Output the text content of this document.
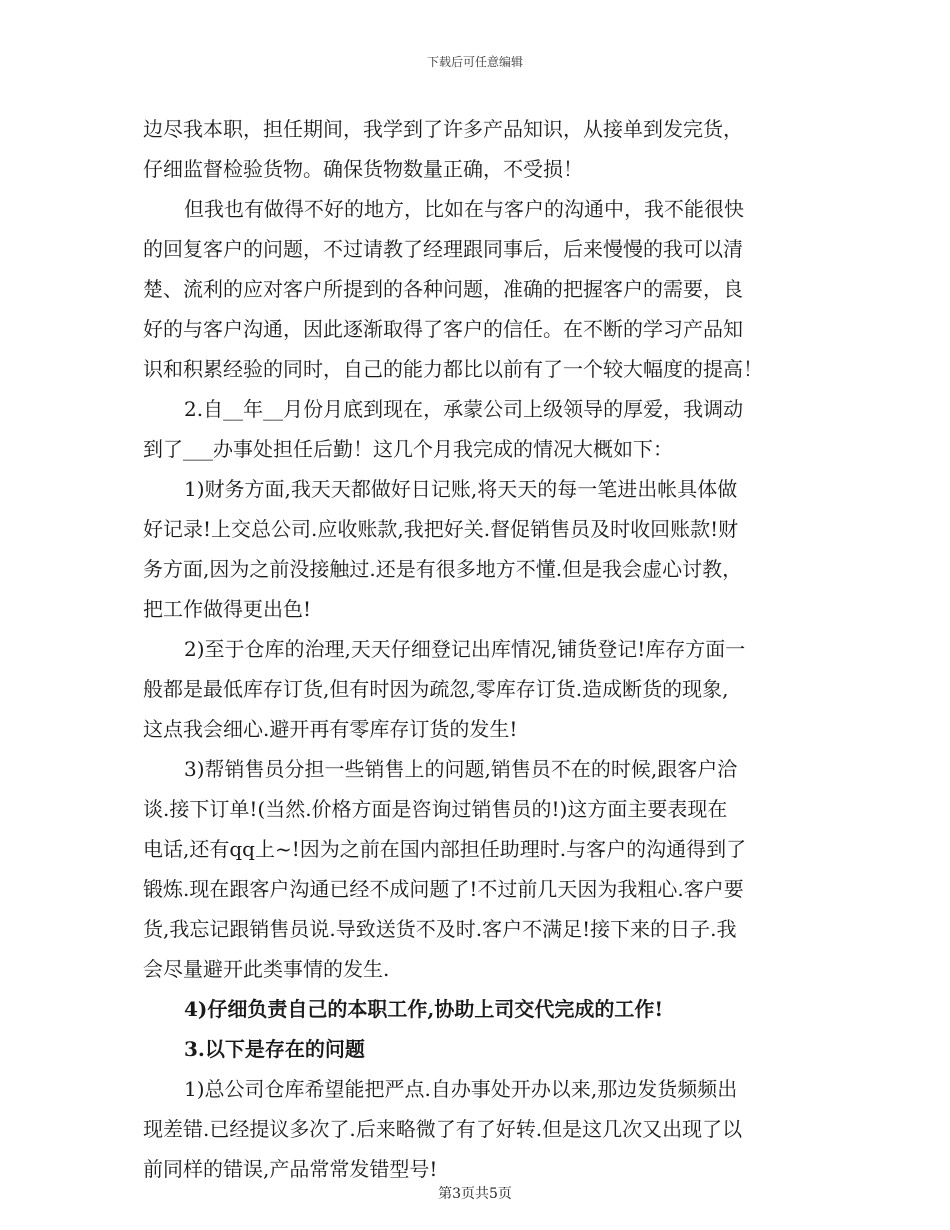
下载后可任意编辑
边尽我本职，担任期间，我学到了许多产品知识，从接单到发完货，
仔细监督检验货物。确保货物数量正确，不受损！
但我也有做得不好的地方，比如在与客户的沟通中，我不能很快
的回复客户的问题，不过请教了经理跟同事后，后来慢慢的我可以清
楚、流利的应对客户所提到的各种问题，准确的把握客户的需要，良
好的与客户沟通，因此逐渐取得了客户的信任。在不断的学习产品知
识和积累经验的同时，自己的能力都比以前有了一个较大幅度的提高！
2.自__年__月份月底到现在，承蒙公司上级领导的厚爱，我调动
到了___办事处担任后勤！这几个月我完成的情况大概如下：
1)财务方面,我天天都做好日记账,将天天的每一笔进出帐具体做
好记录!上交总公司.应收账款,我把好关.督促销售员及时收回账款!财
务方面,因为之前没接触过.还是有很多地方不懂.但是我会虚心讨教，
把工作做得更出色!
2)至于仓库的治理,天天仔细登记出库情况,铺货登记!库存方面一
般都是最低库存订货,但有时因为疏忽,零库存订货.造成断货的现象,
这点我会细心.避开再有零库存订货的发生!
3)帮销售员分担一些销售上的问题,销售员不在的时候,跟客户洽
谈.接下订单!(当然.价格方面是咨询过销售员的!)这方面主要表现在
电话,还有qq上~!因为之前在国内部担任助理时.与客户的沟通得到了
锻炼.现在跟客户沟通已经不成问题了!不过前几天因为我粗心.客户要
货,我忘记跟销售员说.导致送货不及时.客户不满足!接下来的日子.我
会尽量避开此类事情的发生.
4)仔细负责自己的本职工作,协助上司交代完成的工作!
3.以下是存在的问题
1)总公司仓库希望能把严点.自办事处开办以来,那边发货频频出
现差错.已经提议多次了.后来略微了有了好转.但是这几次又出现了以
前同样的错误,产品常常发错型号!
第3页共5页
